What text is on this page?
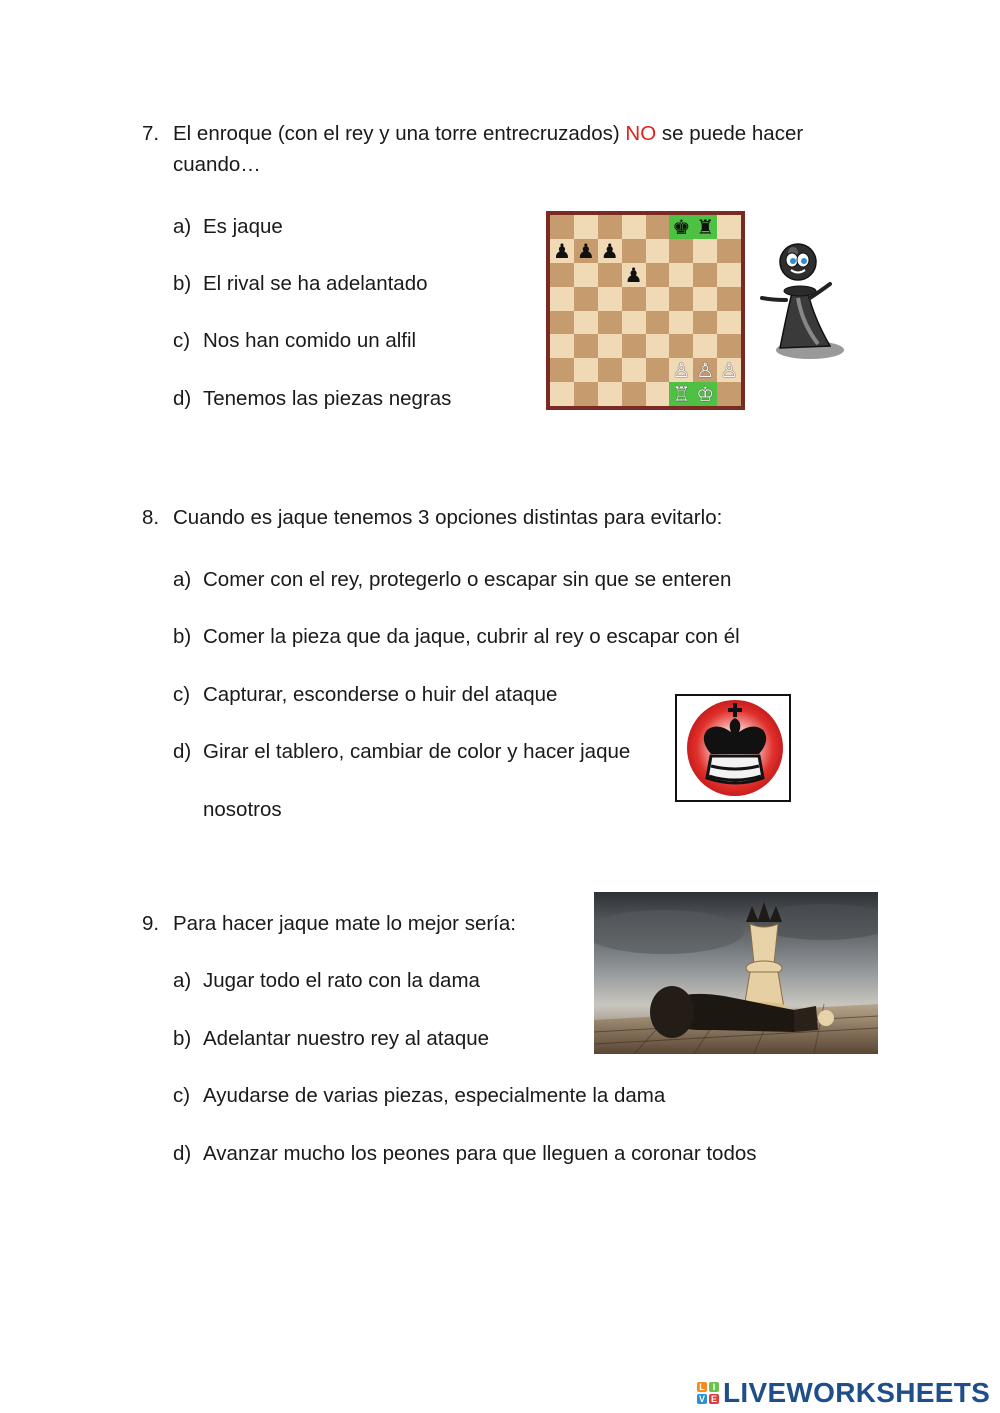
7. El enroque (con el rey y una torre entrecruzados) NO se puede hacer
cuando…
a) Es jaque
b) El rival se ha adelantado
c) Nos han comido un alfil
d) Tenemos las piezas negras
♚ ♜
♟ ♟ ♟
♟
♙ ♙ ♙
♖ ♔
8. Cuando es jaque tenemos 3 opciones distintas para evitarlo:
a) Comer con el rey, protegerlo o escapar sin que se enteren
b) Comer la pieza que da jaque, cubrir al rey o escapar con él
c) Capturar, esconderse o huir del ataque
d) Girar el tablero, cambiar de color y hacer jaque
nosotros
9. Para hacer jaque mate lo mejor sería:
a) Jugar todo el rato con la dama
b) Adelantar nuestro rey al ataque
c) Ayudarse de varias piezas, especialmente la dama
d) Avanzar mucho los peones para que lleguen a coronar todos
L I
V E LIVEWORKSHEETS
